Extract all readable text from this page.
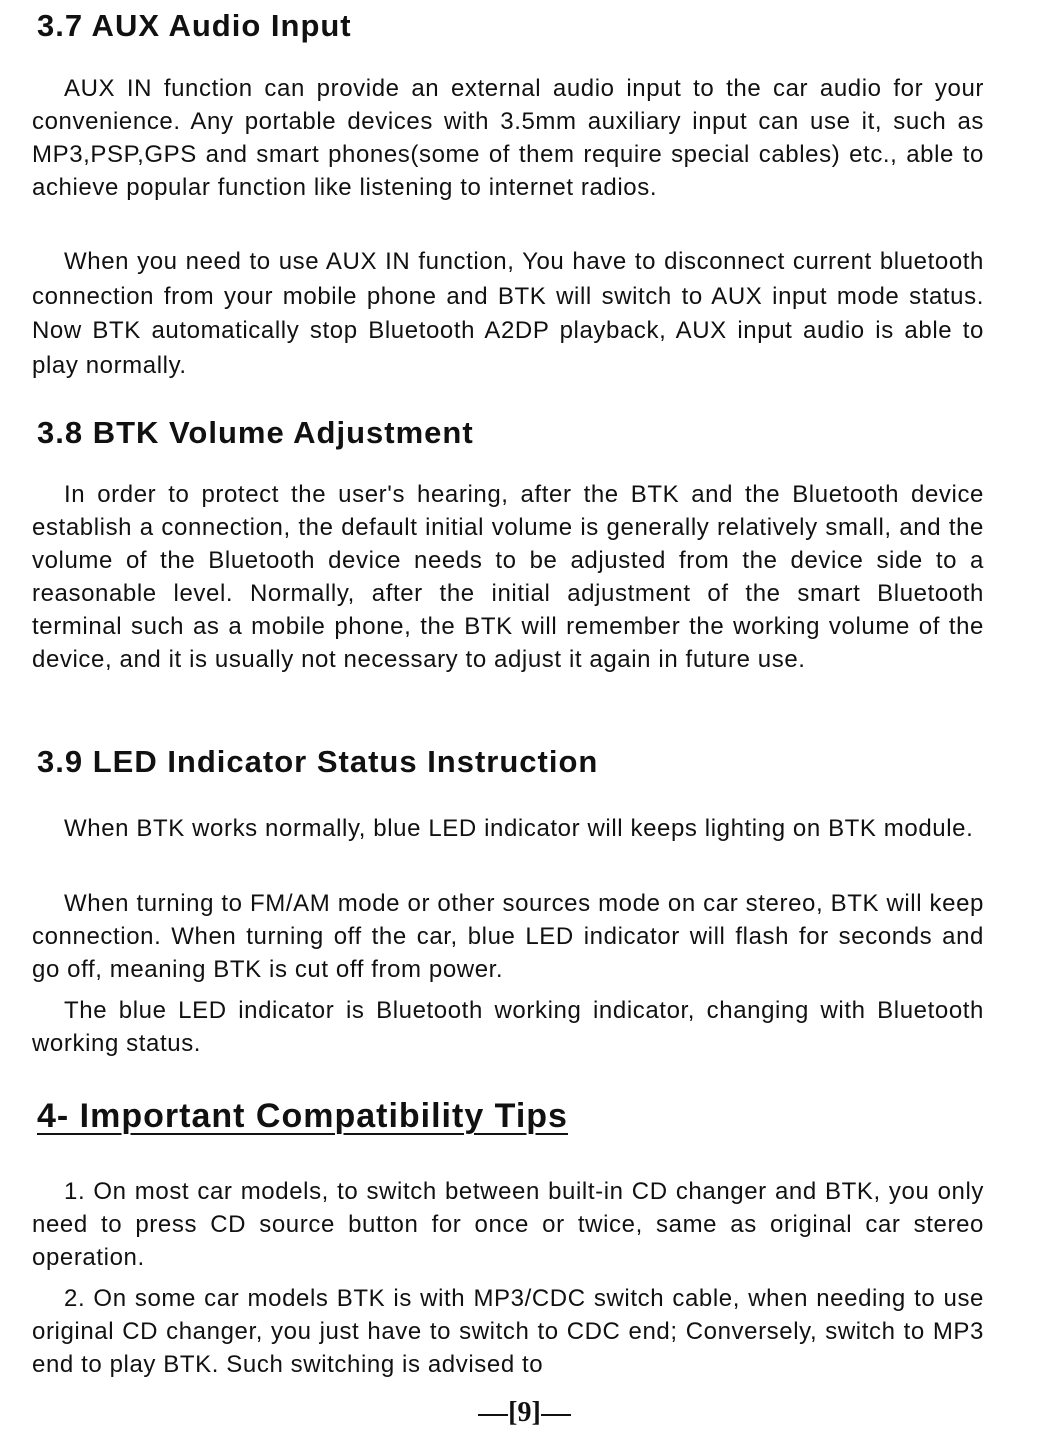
3.7 AUX Audio Input

AUX IN function can provide an external audio input to the car audio for your convenience. Any portable devices with 3.5mm auxiliary input can use it, such as MP3,PSP,GPS and smart phones(some of them require special cables) etc., able to achieve popular function like listening to internet radios.

When you need to use AUX IN function, You have to disconnect current bluetooth connection from your mobile phone and BTK will switch to AUX input mode status. Now BTK automatically stop Bluetooth A2DP playback, AUX input audio is able to play normally.

3.8 BTK Volume Adjustment

In order to protect the user's hearing, after the BTK and the Bluetooth device establish a connection, the default initial volume is generally relatively small, and the volume of the Bluetooth device needs to be adjusted from the device side to a reasonable level. Normally, after the initial adjustment of the smart Bluetooth terminal such as a mobile phone, the BTK will remember the working volume of the device, and it is usually not necessary to adjust it again in future use.

3.9 LED Indicator Status Instruction

When BTK works normally, blue LED indicator will keeps lighting on BTK module.

When turning to FM/AM mode or other sources mode on car stereo, BTK will keep connection. When turning off the car, blue LED indicator will flash for seconds and go off, meaning BTK is cut off from power.

The blue LED indicator is Bluetooth working indicator, changing with Bluetooth working status.

4- Important Compatibility Tips

1. On most car models, to switch between built-in CD changer and BTK, you only need to press CD source button for once or twice, same as original car stereo operation.

2. On some car models BTK is with MP3/CDC switch cable, when needing to use original CD changer, you just have to switch to CDC end; Conversely, switch to MP3 end to play BTK. Such switching is advised to

[9]
